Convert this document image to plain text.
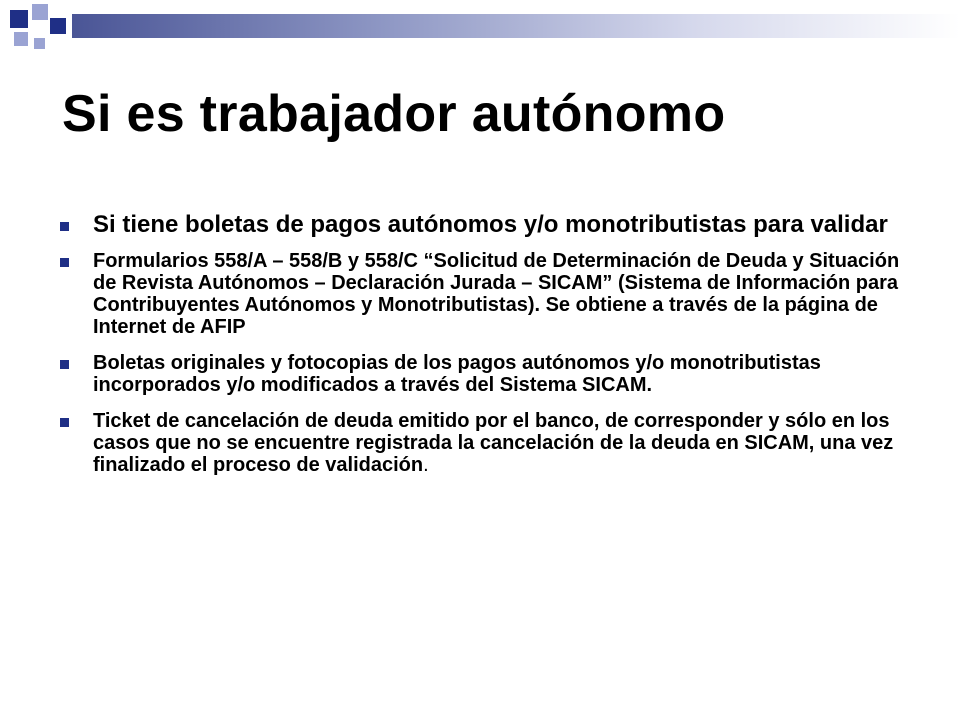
Si es trabajador autónomo
Si tiene boletas de pagos autónomos y/o monotributistas para validar
Formularios 558/A – 558/B y 558/C “Solicitud de Determinación de Deuda y Situación de Revista Autónomos – Declaración Jurada – SICAM” (Sistema de Información para Contribuyentes Autónomos y Monotributistas). Se obtiene a través de la página de Internet de AFIP
Boletas originales y fotocopias de los pagos autónomos y/o monotributistas incorporados y/o modificados a través del Sistema SICAM.
Ticket de cancelación de deuda emitido por el banco, de corresponder y sólo en los casos que no se encuentre registrada la cancelación de la deuda en SICAM, una vez finalizado el proceso de validación.
